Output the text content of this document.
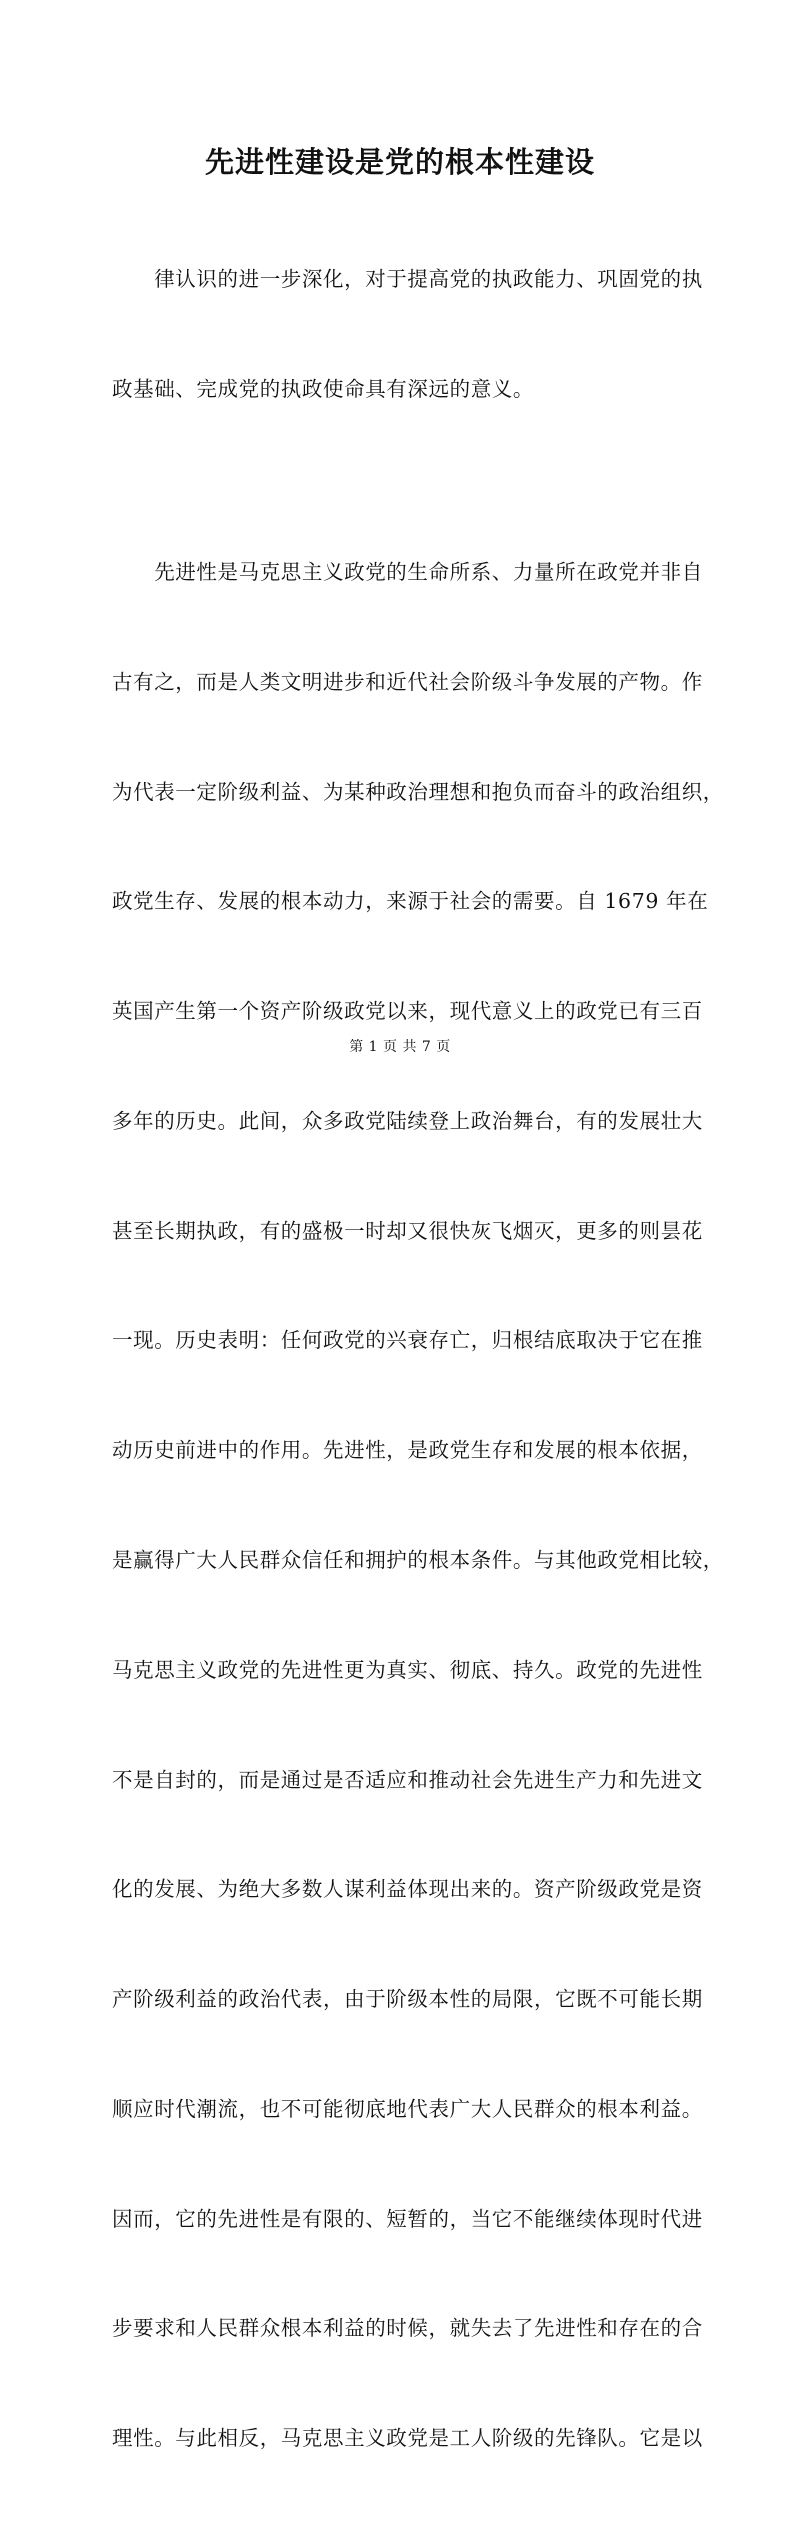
先进性建设是党的根本性建设

　　律认识的进一步深化，对于提高党的执政能力、巩固党的执

政基础、完成党的执政使命具有深远的意义。

　　先进性是马克思主义政党的生命所系、力量所在政党并非自

古有之，而是人类文明进步和近代社会阶级斗争发展的产物。作

为代表一定阶级利益、为某种政治理想和抱负而奋斗的政治组织，

政党生存、发展的根本动力，来源于社会的需要。自 1679 年在

英国产生第一个资产阶级政党以来，现代意义上的政党已有三百

多年的历史。此间，众多政党陆续登上政治舞台，有的发展壮大

甚至长期执政，有的盛极一时却又很快灰飞烟灭，更多的则昙花

一现。历史表明：任何政党的兴衰存亡，归根结底取决于它在推

动历史前进中的作用。先进性，是政党生存和发展的根本依据，

是赢得广大人民群众信任和拥护的根本条件。与其他政党相比较，

马克思主义政党的先进性更为真实、彻底、持久。政党的先进性

不是自封的，而是通过是否适应和推动社会先进生产力和先进文

化的发展、为绝大多数人谋利益体现出来的。资产阶级政党是资

产阶级利益的政治代表，由于阶级本性的局限，它既不可能长期

顺应时代潮流，也不可能彻底地代表广大人民群众的根本利益。

因而，它的先进性是有限的、短暂的，当它不能继续体现时代进

步要求和人民群众根本利益的时候，就失去了先进性和存在的合

理性。与此相反，马克思主义政党是工人阶级的先锋队。它是以

第 1 页 共 7 页
